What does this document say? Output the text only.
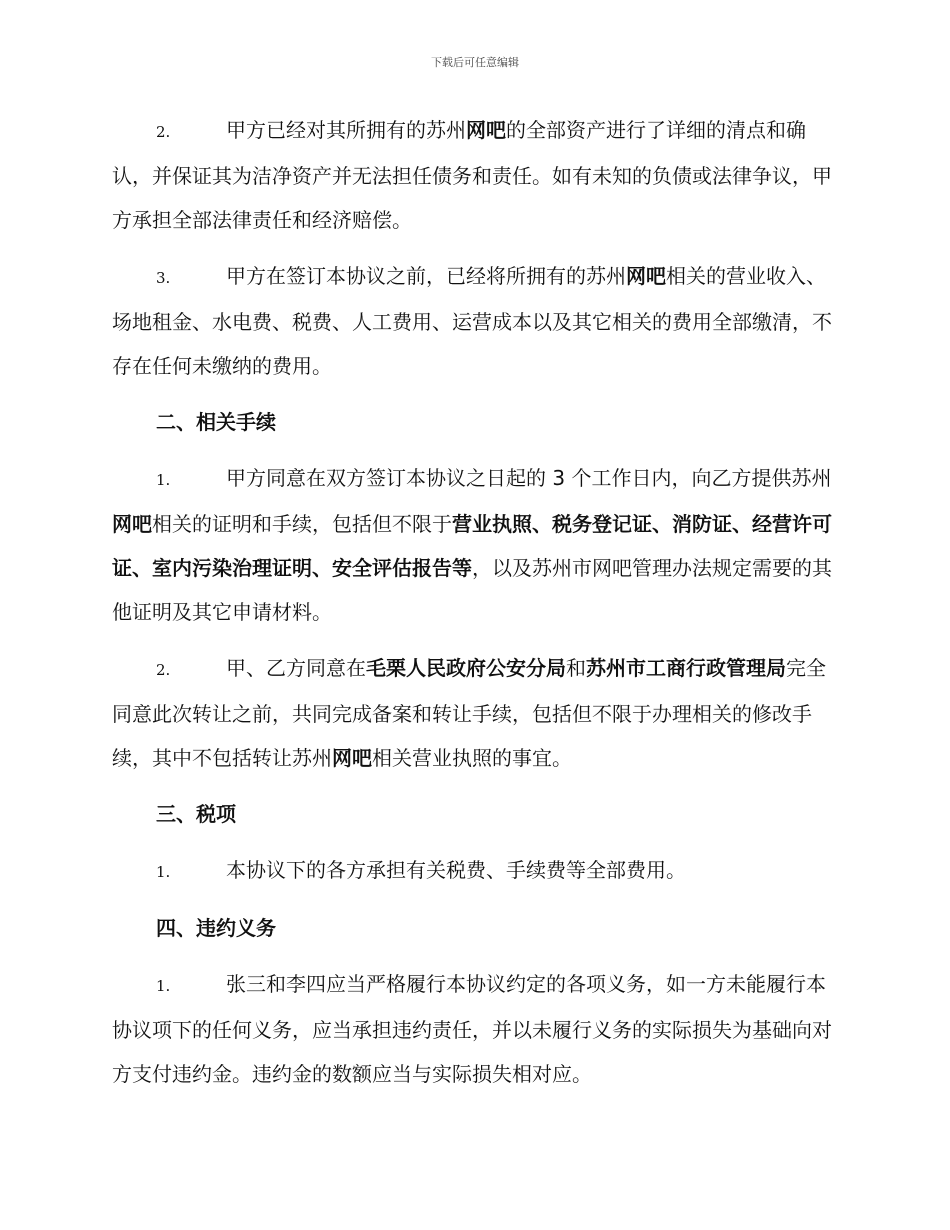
下载后可任意编辑

2.	甲方已经对其所拥有的苏州网吧的全部资产进行了详细的清点和确认，并保证其为洁净资产并无法担任债务和责任。如有未知的负债或法律争议，甲方承担全部法律责任和经济赔偿。

3.	甲方在签订本协议之前，已经将所拥有的苏州网吧相关的营业收入、场地租金、水电费、税费、人工费用、运营成本以及其它相关的费用全部缴清，不存在任何未缴纳的费用。

二、相关手续

1.	甲方同意在双方签订本协议之日起的 3 个工作日内，向乙方提供苏州网吧相关的证明和手续，包括但不限于营业执照、税务登记证、消防证、经营许可证、室内污染治理证明、安全评估报告等，以及苏州市网吧管理办法规定需要的其他证明及其它申请材料。

2.	甲、乙方同意在毛栗人民政府公安分局和苏州市工商行政管理局完全同意此次转让之前，共同完成备案和转让手续，包括但不限于办理相关的修改手续，其中不包括转让苏州网吧相关营业执照的事宜。

三、税项

1.	本协议下的各方承担有关税费、手续费等全部费用。

四、违约义务

1.	张三和李四应当严格履行本协议约定的各项义务，如一方未能履行本协议项下的任何义务，应当承担违约责任，并以未履行义务的实际损失为基础向对方支付违约金。违约金的数额应当与实际损失相对应。
